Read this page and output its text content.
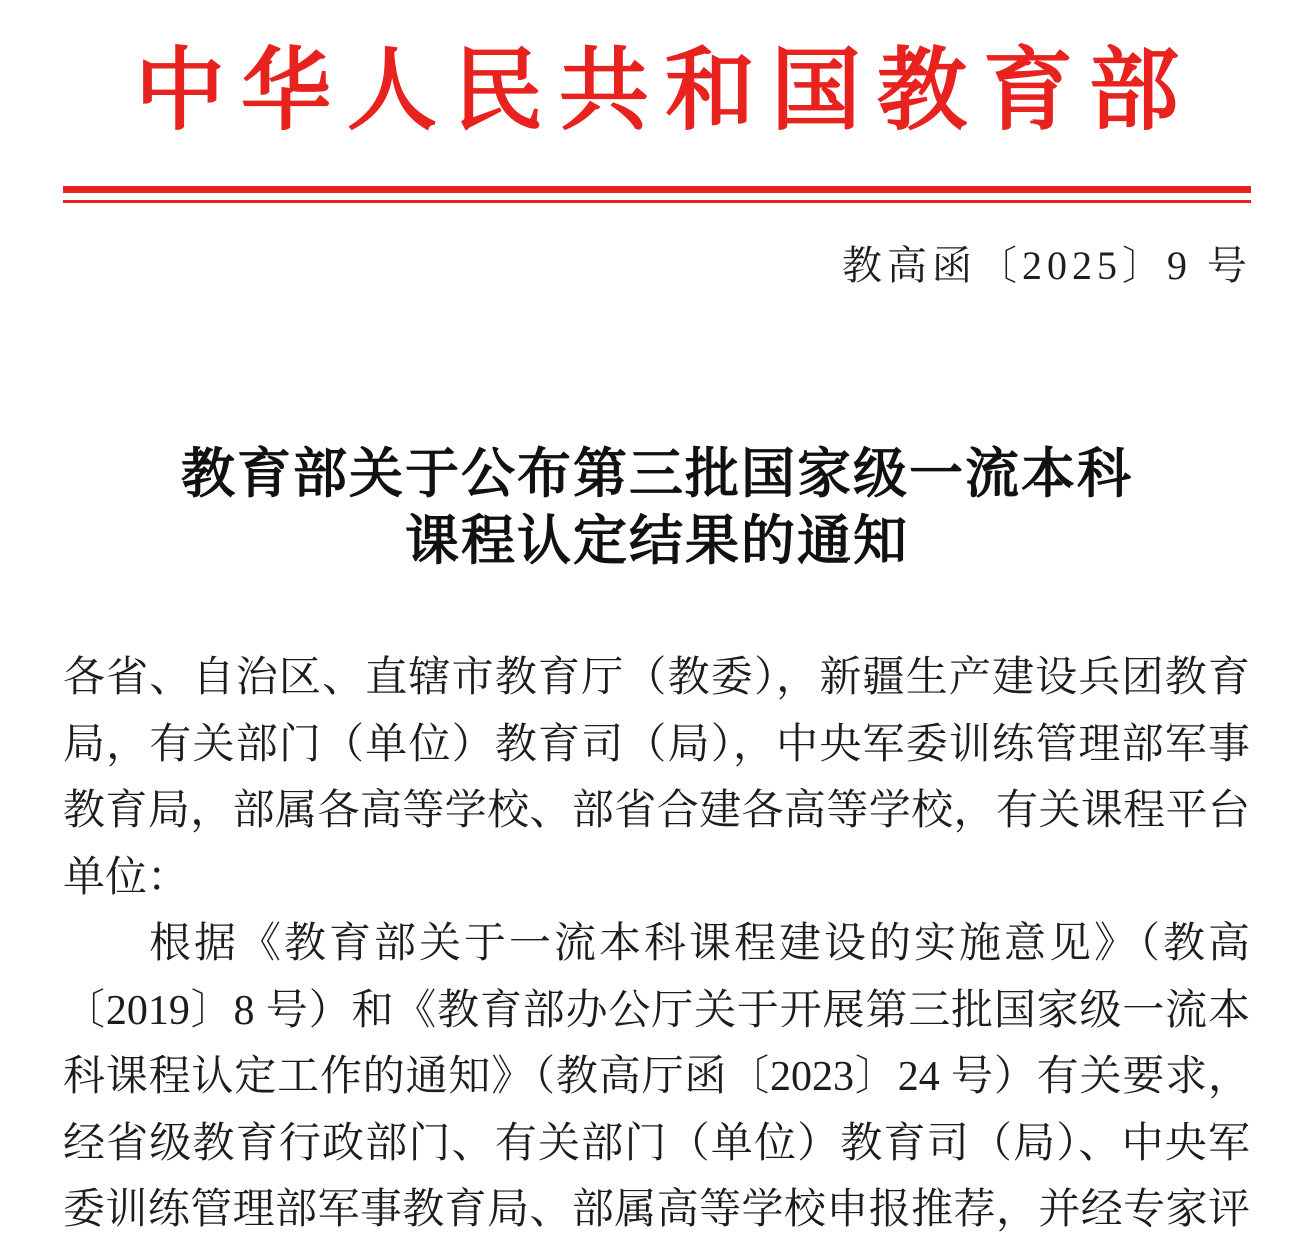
中华人民共和国教育部
教高函〔2025〕9 号
教育部关于公布第三批国家级一流本科
课程认定结果的通知
各省、自治区、直辖市教育厅（教委），新疆生产建设兵团教育
局，有关部门（单位）教育司（局），中央军委训练管理部军事
教育局，部属各高等学校、部省合建各高等学校，有关课程平台
单位：
根据《教育部关于一流本科课程建设的实施意见》（教高
〔2019〕8 号）和《教育部办公厅关于开展第三批国家级一流本
科课程认定工作的通知》（教高厅函〔2023〕24 号）有关要求，
经省级教育行政部门、有关部门（单位）教育司（局）、中央军
委训练管理部军事教育局、部属高等学校申报推荐，并经专家评
